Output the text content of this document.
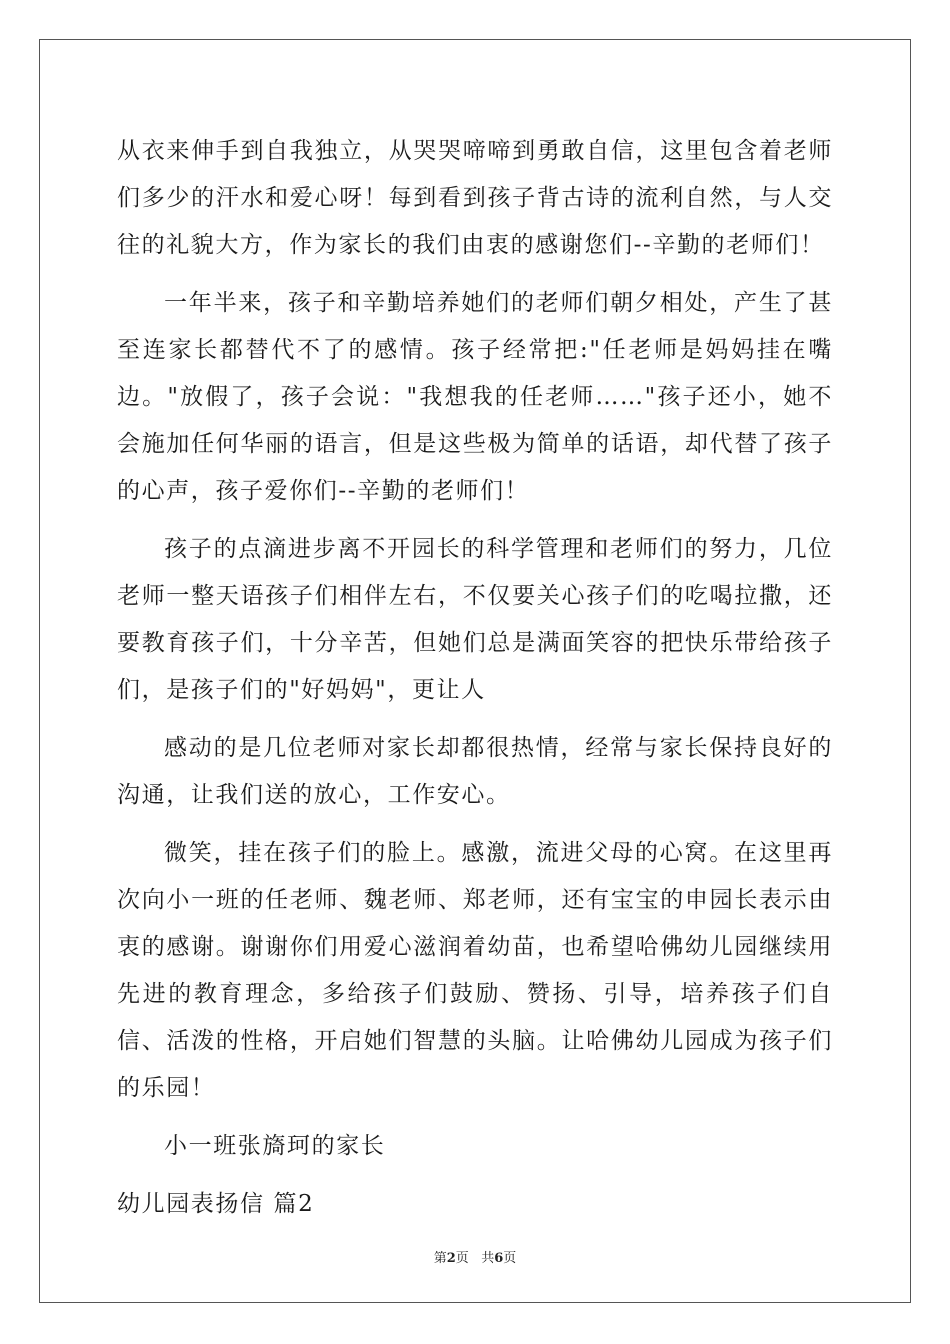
从衣来伸手到自我独立，从哭哭啼啼到勇敢自信，这里包含着老师们多少的汗水和爱心呀！每到看到孩子背古诗的流利自然，与人交往的礼貌大方，作为家长的我们由衷的感谢您们--辛勤的老师们！

一年半来，孩子和辛勤培养她们的老师们朝夕相处，产生了甚至连家长都替代不了的感情。孩子经常把:"任老师是妈妈挂在嘴边。"放假了，孩子会说："我想我的任老师……"孩子还小，她不会施加任何华丽的语言，但是这些极为简单的话语，却代替了孩子的心声，孩子爱你们--辛勤的老师们！

孩子的点滴进步离不开园长的科学管理和老师们的努力，几位老师一整天语孩子们相伴左右，不仅要关心孩子们的吃喝拉撒，还要教育孩子们，十分辛苦，但她们总是满面笑容的把快乐带给孩子们，是孩子们的"好妈妈"，更让人

感动的是几位老师对家长却都很热情，经常与家长保持良好的沟通，让我们送的放心，工作安心。

微笑，挂在孩子们的脸上。感激，流进父母的心窝。在这里再次向小一班的任老师、魏老师、郑老师，还有宝宝的申园长表示由衷的感谢。谢谢你们用爱心滋润着幼苗，也希望哈佛幼儿园继续用先进的教育理念，多给孩子们鼓励、赞扬、引导，培养孩子们自信、活泼的性格，开启她们智慧的头脑。让哈佛幼儿园成为孩子们的乐园！

小一班张旖珂的家长

幼儿园表扬信 篇2

第2页 共6页
